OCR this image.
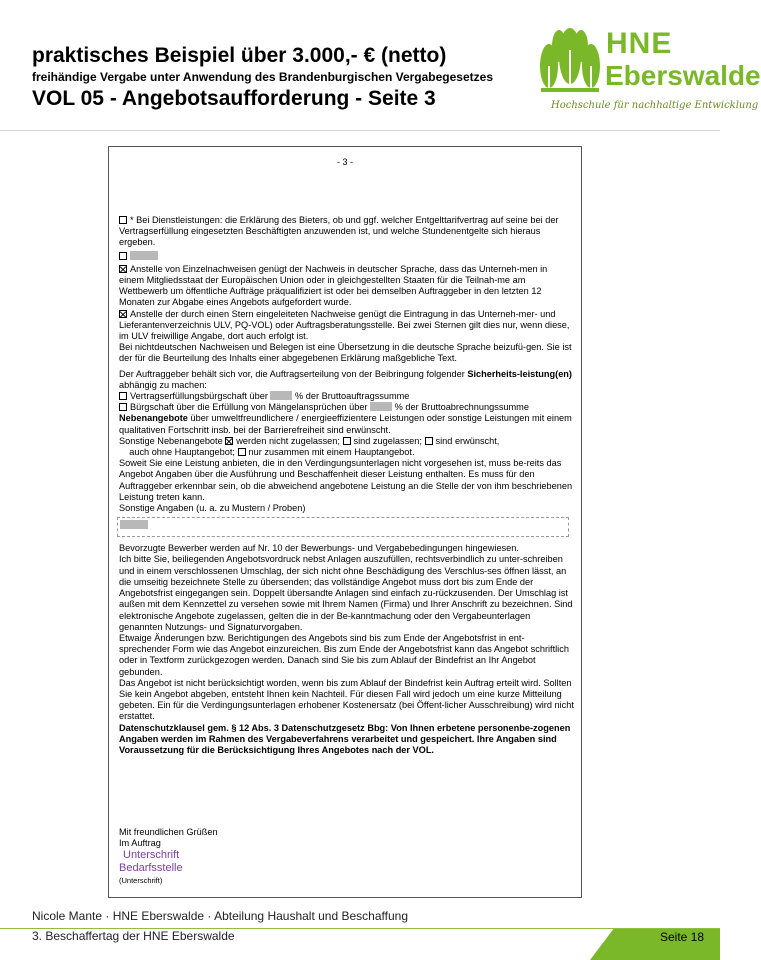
praktisches Beispiel über 3.000,- € (netto)
freihändige Vergabe unter Anwendung des Brandenburgischen Vergabegesetzes
VOL 05 - Angebotsaufforderung - Seite 3
HNE
Eberswalde
Hochschule für nachhaltige Entwicklung
- 3 -

* Bei Dienstleistungen: die Erklärung des Bieters, ob und ggf. welcher Entgelttarifvertrag auf seine bei der Vertragserfüllung eingesetzten Beschäftigten anzuwenden ist, und welche Stundenentgelte sich hieraus ergeben.

Anstelle von Einzelnachweisen genügt der Nachweis in deutscher Sprache, dass das Unterneh-men in einem Mitgliedsstaat der Europäischen Union oder in gleichgestellten Staaten für die Teilnah-me am Wettbewerb um öffentliche Aufträge präqualifiziert ist oder bei demselben Auftraggeber in den letzten 12 Monaten zur Abgabe eines Angebots aufgefordert wurde.

Anstelle der durch einen Stern eingeleiteten Nachweise genügt die Eintragung in das Unterneh-mer- und Lieferantenverzeichnis ULV, PQ-VOL) oder Auftragsberatungsstelle. Bei zwei Sternen gilt dies nur, wenn diese, im ULV freiwillige Angabe, dort auch erfolgt ist.

Bei nichtdeutschen Nachweisen und Belegen ist eine Übersetzung in die deutsche Sprache beizufü-gen. Sie ist der für die Beurteilung des Inhalts einer abgegebenen Erklärung maßgebliche Text.

Der Auftraggeber behält sich vor, die Auftragserteilung von der Beibringung folgender Sicherheits-leistung(en) abhängig zu machen:

Vertragserfüllungsbürgschaft über	% der Bruttoauftragssumme

Bürgschaft über die Erfüllung von Mängelansprüchen über	% der Bruttoabrechnungssumme

Nebenangebote über umweltfreundlichere / energieeffizientere Leistungen oder sonstige Leistungen mit einem qualitativen Fortschritt insb. bei der Barrierefreiheit sind erwünscht.

Sonstige Nebenangebote werden nicht zugelassen; sind zugelassen; sind erwünscht,
auch ohne Hauptangebot; nur zusammen mit einem Hauptangebot.

Soweit Sie eine Leistung anbieten, die in den Verdingungsunterlagen nicht vorgesehen ist, muss be-reits das Angebot Angaben über die Ausführung und Beschaffenheit dieser Leistung enthalten. Es muss für den Auftraggeber erkennbar sein, ob die abweichend angebotene Leistung an die Stelle der von ihm beschriebenen Leistung treten kann.

Sonstige Angaben (u. a. zu Mustern / Proben)

Bevorzugte Bewerber werden auf Nr. 10 der Bewerbungs- und Vergabebedingungen hingewiesen.

Ich bitte Sie, beiliegenden Angebotsvordruck nebst Anlagen auszufüllen, rechtsverbindlich zu unter-schreiben und in einem verschlossenen Umschlag, der sich nicht ohne Beschädigung des Verschlus-ses öffnen lässt, an die umseitig bezeichnete Stelle zu übersenden; das vollständige Angebot muss dort bis zum Ende der Angebotsfrist eingegangen sein. Doppelt übersandte Anlagen sind einfach zu-rückzusenden. Der Umschlag ist außen mit dem Kennzettel zu versehen sowie mit Ihrem Namen (Firma) und Ihrer Anschrift zu bezeichnen. Sind elektronische Angebote zugelassen, gelten die in der Be-kanntmachung oder den Vergabeunterlagen genannten Nutzungs- und Signaturvorgaben.

Etwaige Änderungen bzw. Berichtigungen des Angebots sind bis zum Ende der Angebotsfrist in ent-sprechender Form wie das Angebot einzureichen. Bis zum Ende der Angebotsfrist kann das Angebot schriftlich oder in Textform zurückgezogen werden. Danach sind Sie bis zum Ablauf der Bindefrist an Ihr Angebot gebunden.

Das Angebot ist nicht berücksichtigt worden, wenn bis zum Ablauf der Bindefrist kein Auftrag erteilt wird. Sollten Sie kein Angebot abgeben, entsteht Ihnen kein Nachteil. Für diesen Fall wird jedoch um eine kurze Mitteilung gebeten. Ein für die Verdingungsunterlagen erhobener Kostenersatz (bei Öffent-licher Ausschreibung) wird nicht erstattet.

Datenschutzklausel gem. § 12 Abs. 3 Datenschutzgesetz Bbg: Von Ihnen erbetene personenbe-zogenen Angaben werden im Rahmen des Vergabeverfahrens verarbeitet und gespeichert. Ihre Angaben sind Voraussetzung für die Berücksichtigung Ihres Angebotes nach der VOL.

Mit freundlichen Grüßen
Im Auftrag
Unterschrift
Bedarfsstelle
(Unterschrift)
Nicole Mante · HNE Eberswalde · Abteilung Haushalt und Beschaffung
3. Beschaffertag der HNE Eberswalde	Seite 18
